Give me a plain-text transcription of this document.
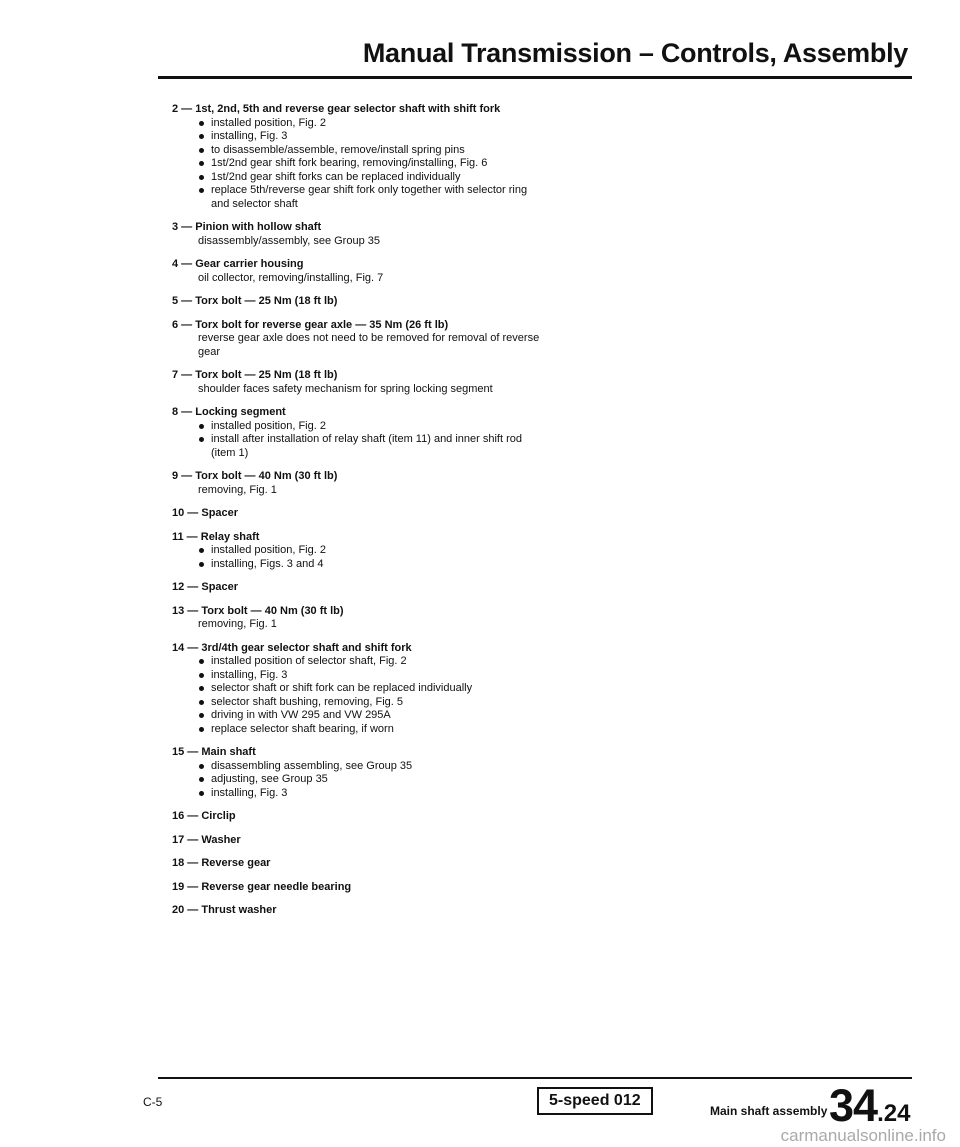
Manual Transmission – Controls, Assembly
2 — 1st, 2nd, 5th and reverse gear selector shaft with shift fork
installed position, Fig. 2
installing, Fig. 3
to disassemble/assemble, remove/install spring pins
1st/2nd gear shift fork bearing, removing/installing, Fig. 6
1st/2nd gear shift forks can be replaced individually
replace 5th/reverse gear shift fork only together with selector ring and selector shaft
3 — Pinion with hollow shaft
disassembly/assembly, see Group 35
4 — Gear carrier housing
oil collector, removing/installing, Fig. 7
5 — Torx bolt — 25 Nm (18 ft lb)
6 — Torx bolt for reverse gear axle — 35 Nm (26 ft lb)
reverse gear axle does not need to be removed for removal of reverse gear
7 — Torx bolt — 25 Nm (18 ft lb)
shoulder faces safety mechanism for spring locking segment
8 — Locking segment
installed position, Fig. 2
install after installation of relay shaft (item 11) and inner shift rod (item 1)
9 — Torx bolt — 40 Nm (30 ft lb)
removing, Fig. 1
10 — Spacer
11 — Relay shaft
installed position, Fig. 2
installing, Figs. 3 and 4
12 — Spacer
13 — Torx bolt — 40 Nm (30 ft lb)
removing, Fig. 1
14 — 3rd/4th gear selector shaft and shift fork
installed position of selector shaft, Fig. 2
installing, Fig. 3
selector shaft or shift fork can be replaced individually
selector shaft bushing, removing, Fig. 5
driving in with VW 295 and VW 295A
replace selector shaft bearing, if worn
15 — Main shaft
disassembling assembling, see Group 35
adjusting, see Group 35
installing, Fig. 3
16 — Circlip
17 — Washer
18 — Reverse gear
19 — Reverse gear needle bearing
20 — Thrust washer
C-5	5-speed 012
Main shaft assembly 34.24
carmanualsonline.info
